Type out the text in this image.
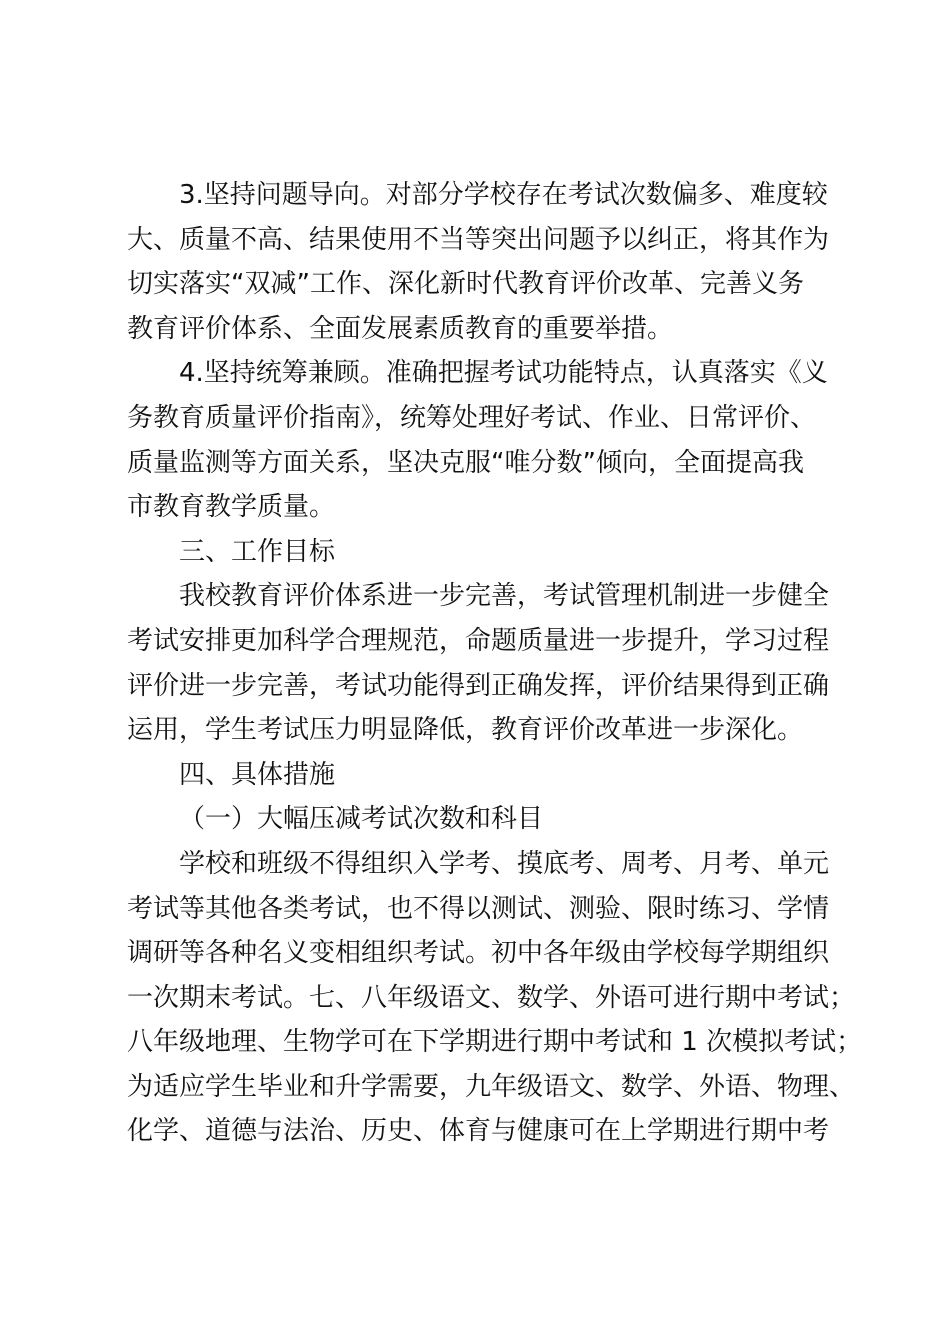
3.坚持问题导向。对部分学校存在考试次数偏多、难度较
大、质量不高、结果使用不当等突出问题予以纠正，将其作为
切实落实“双减”工作、深化新时代教育评价改革、完善义务
教育评价体系、全面发展素质教育的重要举措。
4.坚持统筹兼顾。准确把握考试功能特点，认真落实《义
务教育质量评价指南》，统筹处理好考试、作业、日常评价、
质量监测等方面关系，坚决克服“唯分数”倾向，全面提高我
市教育教学质量。
三、工作目标
我校教育评价体系进一步完善，考试管理机制进一步健全
考试安排更加科学合理规范，命题质量进一步提升，学习过程
评价进一步完善，考试功能得到正确发挥，评价结果得到正确
运用，学生考试压力明显降低，教育评价改革进一步深化。
四、具体措施
（一）大幅压减考试次数和科目
学校和班级不得组织入学考、摸底考、周考、月考、单元
考试等其他各类考试，也不得以测试、测验、限时练习、学情
调研等各种名义变相组织考试。初中各年级由学校每学期组织
一次期末考试。七、八年级语文、数学、外语可进行期中考试；
八年级地理、生物学可在下学期进行期中考试和 1 次模拟考试；
为适应学生毕业和升学需要，九年级语文、数学、外语、物理、
化学、道德与法治、历史、体育与健康可在上学期进行期中考
